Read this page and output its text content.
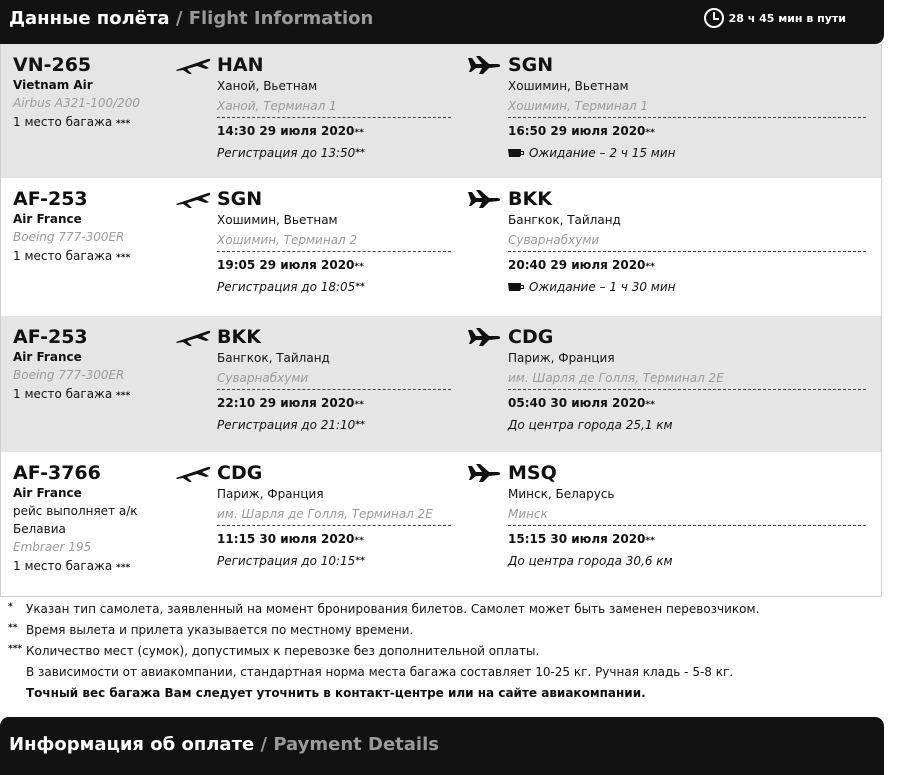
Данные полёта / Flight Information	28 ч 45 мин в пути
VN-265
Vietnam Air
Airbus A321-100/200
1 место багажа ***
HAN
Ханой, Вьетнам
Ханой, Терминал 1
14:30 29 июля 2020**
Регистрация до 13:50 **
SGN
Хошимин, Вьетнам
Хошимин, Терминал 1
16:50 29 июля 2020**
Ожидание – 2 ч 15 мин
AF-253
Air France
Boeing 777-300ER
1 место багажа ***
SGN
Хошимин, Вьетнам
Хошимин, Терминал 2
19:05 29 июля 2020**
Регистрация до 18:05 **
BKK
Бангкок, Тайланд
Суварнабхуми
20:40 29 июля 2020**
Ожидание – 1 ч 30 мин
AF-253
Air France
Boeing 777-300ER
1 место багажа ***
BKK
Бангкок, Тайланд
Суварнабхуми
22:10 29 июля 2020**
Регистрация до 21:10 **
CDG
Париж, Франция
им. Шарля де Голля, Терминал 2E
05:40 30 июля 2020**
До центра города 25,1 км
AF-3766
Air France
рейс выполняет а/к Белавиа
Embraer 195
1 место багажа ***
CDG
Париж, Франция
им. Шарля де Голля, Терминал 2E
11:15 30 июля 2020**
Регистрация до 10:15 **
MSQ
Минск, Беларусь
Минск
15:15 30 июля 2020**
До центра города 30,6 км
* Указан тип самолета, заявленный на момент бронирования билетов. Самолет может быть заменен перевозчиком.
** Время вылета и прилета указывается по местному времени.
*** Количество мест (сумок), допустимых к перевозке без дополнительной оплаты.
В зависимости от авиакомпании, стандартная норма места багажа составляет 10-25 кг. Ручная кладь - 5-8 кг.
Точный вес багажа Вам следует уточнить в контакт-центре или на сайте авиакомпании.
Информация об оплате / Payment Details
